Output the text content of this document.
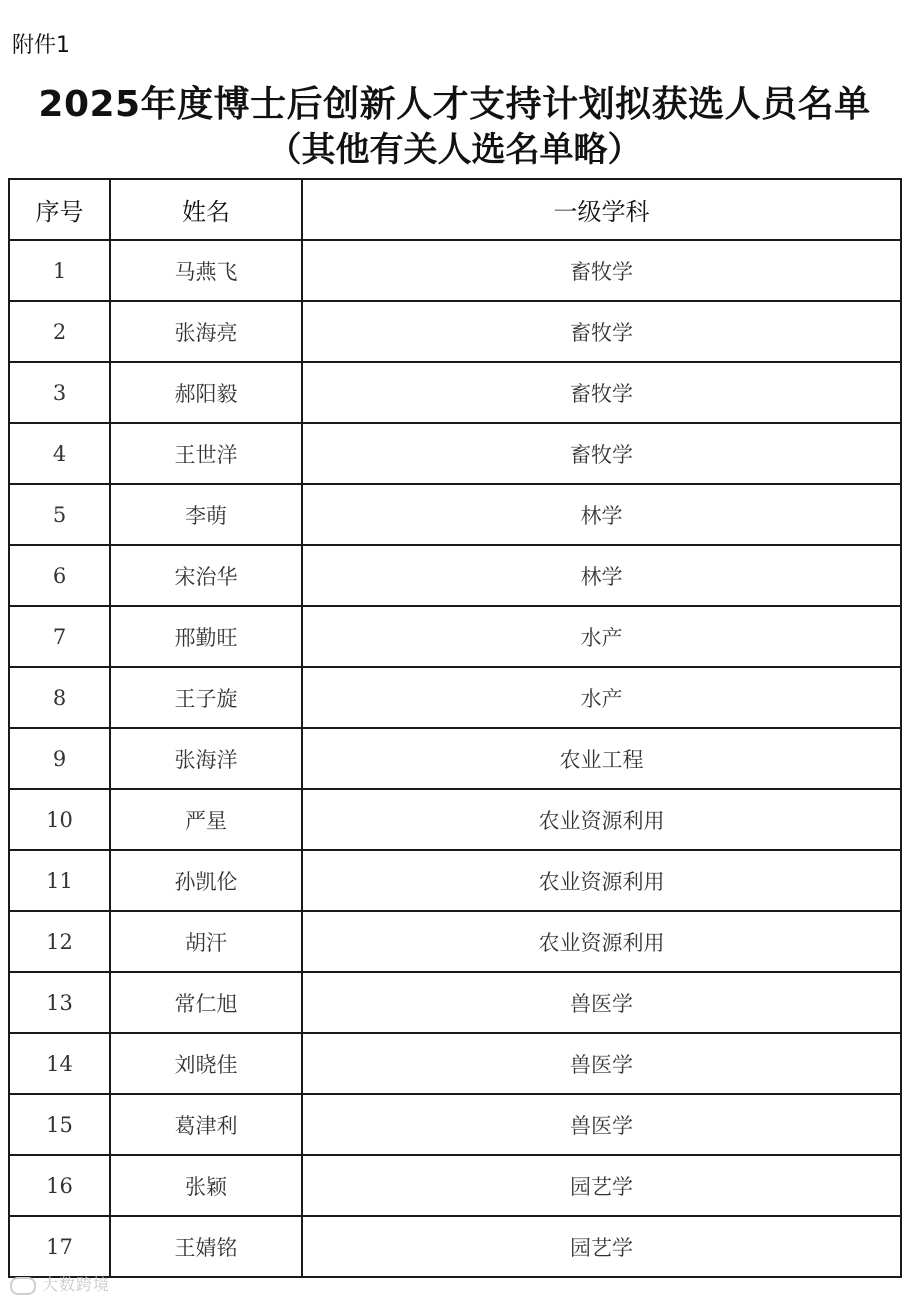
附件1
2025年度博士后创新人才支持计划拟获选人员名单
（其他有关人选名单略）
序号	姓名	一级学科
1	马燕飞	畜牧学
2	张海亮	畜牧学
3	郝阳毅	畜牧学
4	王世洋	畜牧学
5	李萌	林学
6	宋治华	林学
7	邢勤旺	水产
8	王子旋	水产
9	张海洋	农业工程
10	严星	农业资源利用
11	孙凯伦	农业资源利用
12	胡汗	农业资源利用
13	常仁旭	兽医学
14	刘晓佳	兽医学
15	葛津利	兽医学
16	张颖	园艺学
17	王婧铭	园艺学
大数跨境
